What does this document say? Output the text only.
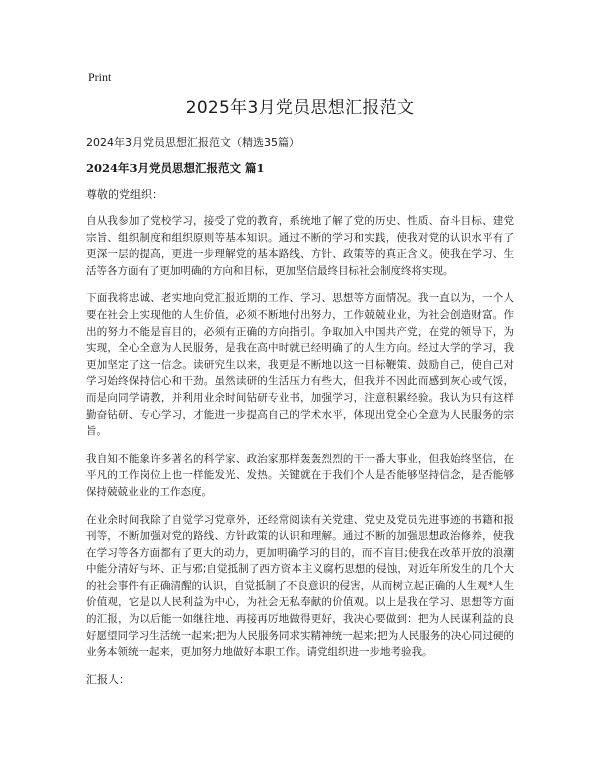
Print
2025年3月党员思想汇报范文
2024年3月党员思想汇报范文（精选35篇）
2024年3月党员思想汇报范文 篇1
尊敬的党组织：

自从我参加了党校学习，接受了党的教育，系统地了解了党的历史、性质、奋斗目标、建党宗旨、组织制度和组织原则等基本知识。通过不断的学习和实践，使我对党的认识水平有了更深一层的提高，更进一步理解党的基本路线、方针、政策等的真正含义。使我在学习、生活等各方面有了更加明确的方向和目标，更加坚信最终目标社会制度终将实现。

下面我将忠诚、老实地向党汇报近期的工作、学习、思想等方面情况。我一直以为，一个人要在社会上实现他的人生价值，必须不断地付出努力，工作兢兢业业，为社会创造财富。作出的努力不能是盲目的，必须有正确的方向指引。争取加入中国共产党，在党的领导下，为实现，全心全意为人民服务，是我在高中时就已经明确了的人生方向。经过大学的学习，我更加坚定了这一信念。读研究生以来，我更是不断地以这一目标鞭策、鼓励自己，使自己对学习始终保持信心和干劲。虽然读研的生活压力有些大，但我并不因此而感到灰心或气馁，而是向同学请教，并利用业余时间钻研专业书，加强学习，注意积累经验。我认为只有这样勤奋钻研、专心学习，才能进一步提高自己的学术水平，体现出党全心全意为人民服务的宗旨。

我自知不能象许多著名的科学家、政治家那样轰轰烈烈的干一番大事业，但我始终坚信，在平凡的工作岗位上也一样能发光、发热。关键就在于我们个人是否能够坚持信念，是否能够保持兢兢业业的工作态度。

在业余时间我除了自觉学习党章外，还经常阅读有关党建、党史及党员先进事迹的书籍和报刊等，不断加强对党的路线、方针政策的认识和理解。通过不断的加强思想政治修养，使我在学习等各方面都有了更大的动力，更加明确学习的目的，而不盲目;使我在改革开放的浪潮中能分清好与坏、正与邪;自觉抵制了西方资本主义腐朽思想的侵蚀，对近年所发生的几个大的社会事件有正确清醒的认识，自觉抵制了不良意识的侵害，从而树立起正确的人生观*人生价值观，它是以人民利益为中心，为社会无私奉献的价值观。以上是我在学习、思想等方面的汇报，为以后能一如继往地、再接再厉地做得更好，我决心要做到：把为人民谋利益的良好愿望同学习生活统一起来;把为人民服务同求实精神统一起来;把为人民服务的决心同过硬的业务本领统一起来，更加努力地做好本职工作。请党组织进一步地考验我。

汇报人：
